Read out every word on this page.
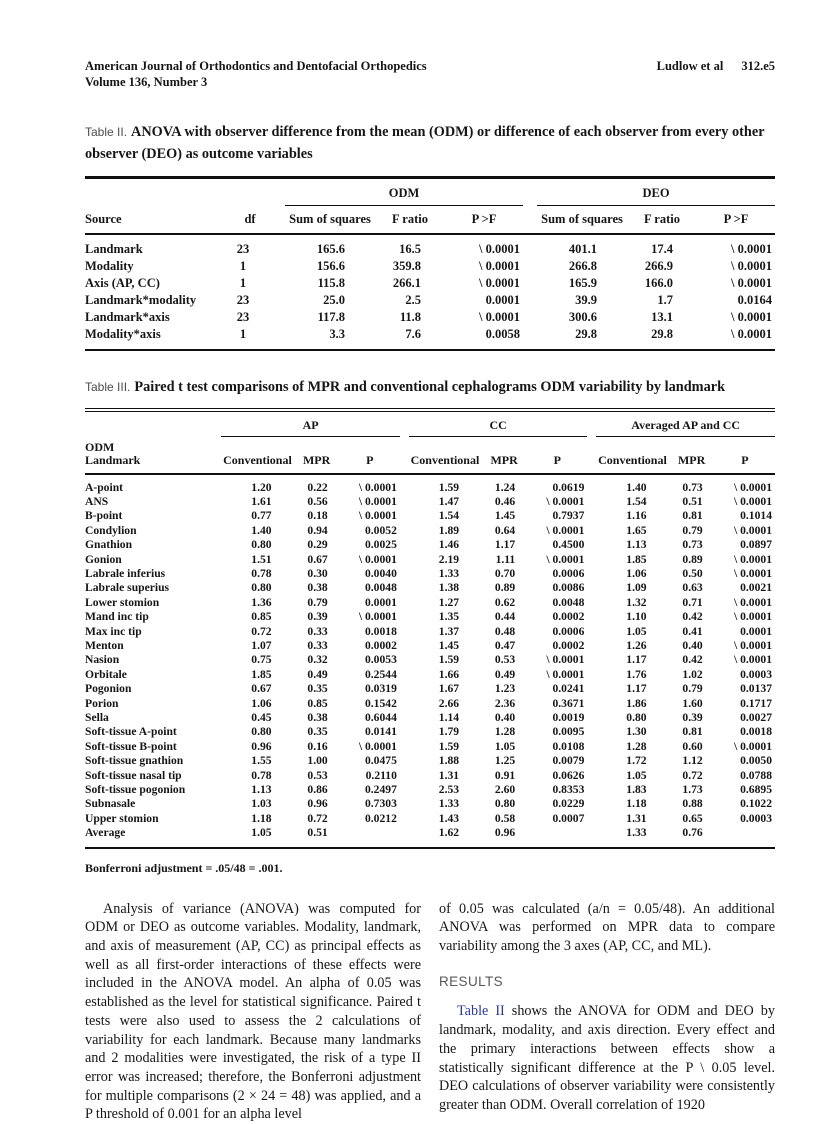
American Journal of Orthodontics and Dentofacial Orthopedics
Volume 136, Number 3
Ludlow et al 312.e5

Table II. ANOVA with observer difference from the mean (ODM) or difference of each observer from every other observer (DEO) as outcome variables

			ODM				DEO		
Source	df		Sum of squares	F ratio	P >F		Sum of squares	F ratio	P >F
Landmark	23		165.6	16.5	\ 0.0001		401.1	17.4	\ 0.0001
Modality	1		156.6	359.8	\ 0.0001		266.8	266.9	\ 0.0001
Axis (AP, CC)	1		115.8	266.1	\ 0.0001		165.9	166.0	\ 0.0001
Landmark*modality	23		25.0	2.5	0.0001		39.9	1.7	0.0164
Landmark*axis	23		117.8	11.8	\ 0.0001		300.6	13.1	\ 0.0001
Modality*axis	1		3.3	7.6	0.0058		29.8	29.8	\ 0.0001

Table III. Paired t test comparisons of MPR and conventional cephalograms ODM variability by landmark

	AP				CC				Averaged AP and CC		
ODM
Landmark	Conventional	MPR	P		Conventional	MPR	P		Conventional	MPR	P
A-point	1.20	0.22	\ 0.0001		1.59	1.24	0.0619		1.40	0.73	\ 0.0001
ANS	1.61	0.56	\ 0.0001		1.47	0.46	\ 0.0001		1.54	0.51	\ 0.0001
B-point	0.77	0.18	\ 0.0001		1.54	1.45	0.7937		1.16	0.81	0.1014
Condylion	1.40	0.94	0.0052		1.89	0.64	\ 0.0001		1.65	0.79	\ 0.0001
Gnathion	0.80	0.29	0.0025		1.46	1.17	0.4500		1.13	0.73	0.0897
Gonion	1.51	0.67	\ 0.0001		2.19	1.11	\ 0.0001		1.85	0.89	\ 0.0001
Labrale inferius	0.78	0.30	0.0040		1.33	0.70	0.0006		1.06	0.50	\ 0.0001
Labrale superius	0.80	0.38	0.0048		1.38	0.89	0.0086		1.09	0.63	0.0021
Lower stomion	1.36	0.79	0.0001		1.27	0.62	0.0048		1.32	0.71	\ 0.0001
Mand inc tip	0.85	0.39	\ 0.0001		1.35	0.44	0.0002		1.10	0.42	\ 0.0001
Max inc tip	0.72	0.33	0.0018		1.37	0.48	0.0006		1.05	0.41	0.0001
Menton	1.07	0.33	0.0002		1.45	0.47	0.0002		1.26	0.40	\ 0.0001
Nasion	0.75	0.32	0.0053		1.59	0.53	\ 0.0001		1.17	0.42	\ 0.0001
Orbitale	1.85	0.49	0.2544		1.66	0.49	\ 0.0001		1.76	1.02	0.0003
Pogonion	0.67	0.35	0.0319		1.67	1.23	0.0241		1.17	0.79	0.0137
Porion	1.06	0.85	0.1542		2.66	2.36	0.3671		1.86	1.60	0.1717
Sella	0.45	0.38	0.6044		1.14	0.40	0.0019		0.80	0.39	0.0027
Soft-tissue A-point	0.80	0.35	0.0141		1.79	1.28	0.0095		1.30	0.81	0.0018
Soft-tissue B-point	0.96	0.16	\ 0.0001		1.59	1.05	0.0108		1.28	0.60	\ 0.0001
Soft-tissue gnathion	1.55	1.00	0.0475		1.88	1.25	0.0079		1.72	1.12	0.0050
Soft-tissue nasal tip	0.78	0.53	0.2110		1.31	0.91	0.0626		1.05	0.72	0.0788
Soft-tissue pogonion	1.13	0.86	0.2497		2.53	2.60	0.8353		1.83	1.73	0.6895
Subnasale	1.03	0.96	0.7303		1.33	0.80	0.0229		1.18	0.88	0.1022
Upper stomion	1.18	0.72	0.0212		1.43	0.58	0.0007		1.31	0.65	0.0003
Average	1.05	0.51			1.62	0.96			1.33	0.76	

Bonferroni adjustment = .05/48 = .001.

Analysis of variance (ANOVA) was computed for ODM or DEO as outcome variables. Modality, landmark, and axis of measurement (AP, CC) as principal effects as well as all first-order interactions of these effects were included in the ANOVA model. An alpha of 0.05 was established as the level for statistical significance. Paired t tests were also used to assess the 2 calculations of variability for each landmark. Because many landmarks and 2 modalities were investigated, the risk of a type II error was increased; therefore, the Bonferroni adjustment for multiple comparisons (2 × 24 = 48) was applied, and a P threshold of 0.001 for an alpha level

of 0.05 was calculated (a/n = 0.05/48). An additional ANOVA was performed on MPR data to compare variability among the 3 axes (AP, CC, and ML).

RESULTS

Table II shows the ANOVA for ODM and DEO by landmark, modality, and axis direction. Every effect and the primary interactions between effects show a statistically significant difference at the P \ 0.05 level. DEO calculations of observer variability were consistently greater than ODM. Overall correlation of 1920
